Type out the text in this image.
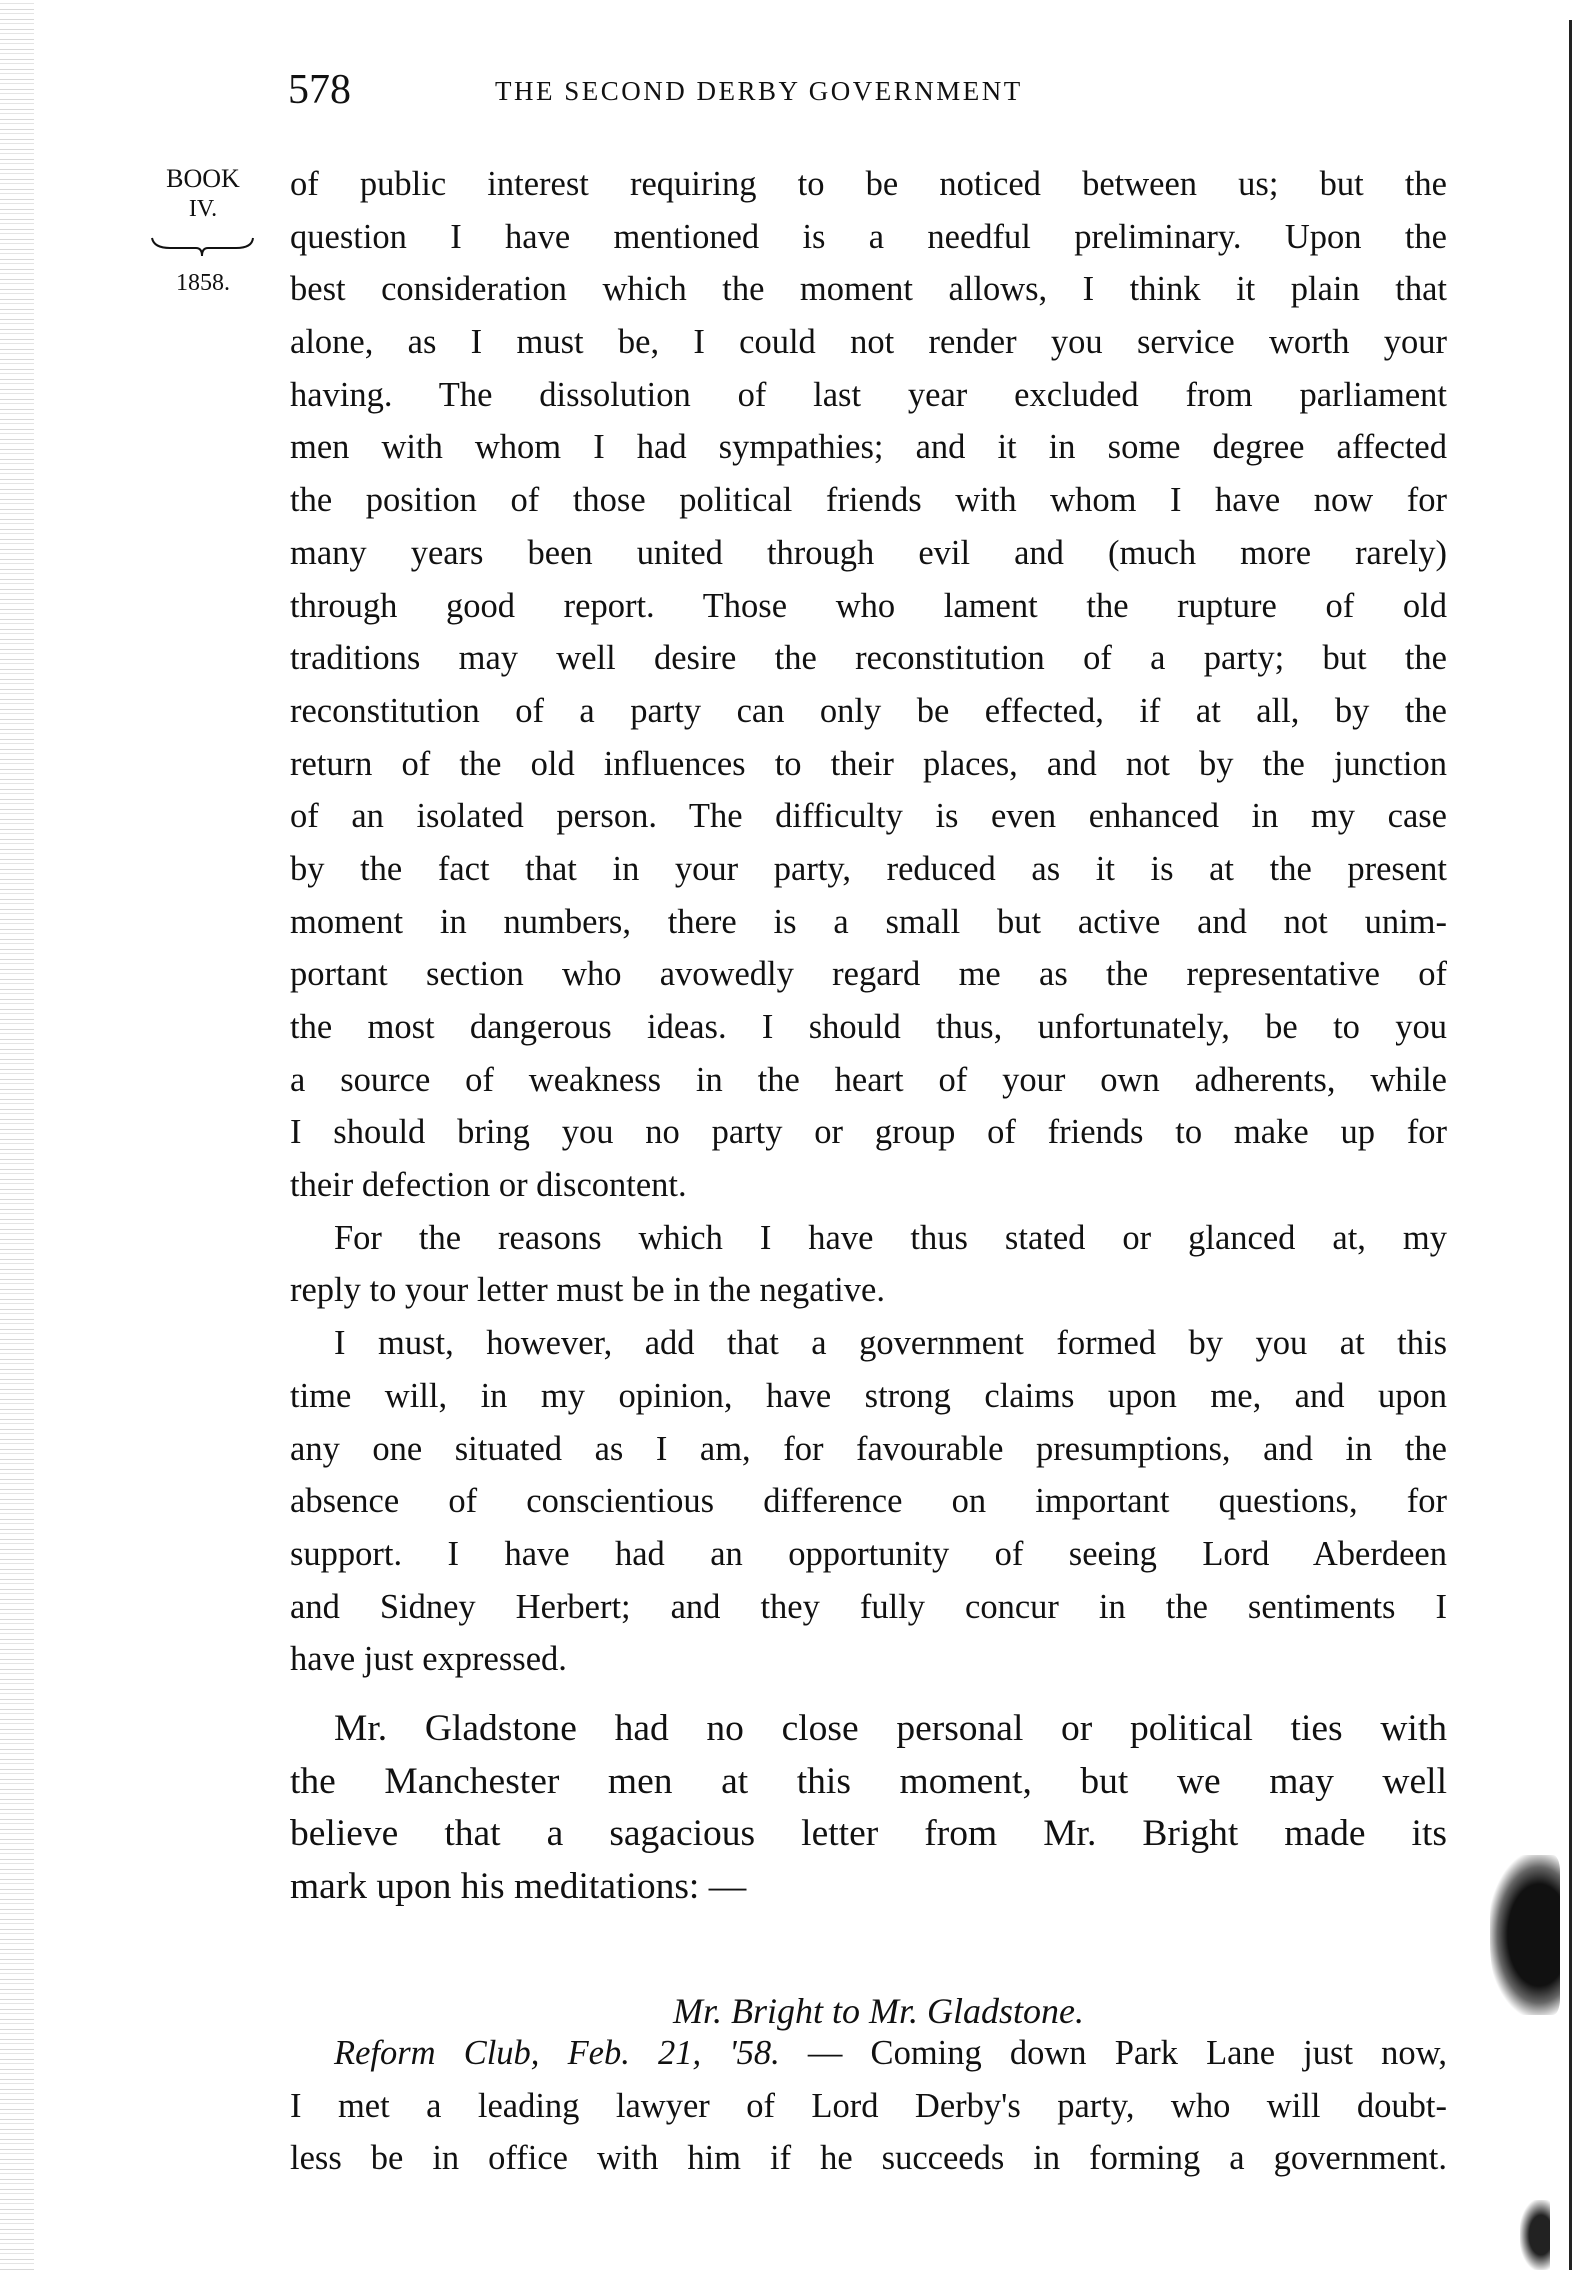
578	THE SECOND DERBY GOVERNMENT
BOOK
IV.
1858.
of public interest requiring to be noticed between us; but the
question I have mentioned is a needful preliminary. Upon the
best consideration which the moment allows, I think it plain that
alone, as I must be, I could not render you service worth your
having. The dissolution of last year excluded from parliament
men with whom I had sympathies; and it in some degree affected
the position of those political friends with whom I have now for
many years been united through evil and (much more rarely)
through good report. Those who lament the rupture of old
traditions may well desire the reconstitution of a party; but the
reconstitution of a party can only be effected, if at all, by the
return of the old influences to their places, and not by the junction
of an isolated person. The difficulty is even enhanced in my case
by the fact that in your party, reduced as it is at the present
moment in numbers, there is a small but active and not unim-
portant section who avowedly regard me as the representative of
the most dangerous ideas. I should thus, unfortunately, be to you
a source of weakness in the heart of your own adherents, while
I should bring you no party or group of friends to make up for
their defection or discontent.
For the reasons which I have thus stated or glanced at, my
reply to your letter must be in the negative.
I must, however, add that a government formed by you at this
time will, in my opinion, have strong claims upon me, and upon
any one situated as I am, for favourable presumptions, and in the
absence of conscientious difference on important questions, for
support. I have had an opportunity of seeing Lord Aberdeen
and Sidney Herbert; and they fully concur in the sentiments I
have just expressed.
Mr. Gladstone had no close personal or political ties with
the Manchester men at this moment, but we may well
believe that a sagacious letter from Mr. Bright made its
mark upon his meditations: —
Mr. Bright to Mr. Gladstone.
Reform Club, Feb. 21, '58. — Coming down Park Lane just now,
I met a leading lawyer of Lord Derby's party, who will doubt-
less be in office with him if he succeeds in forming a government.
